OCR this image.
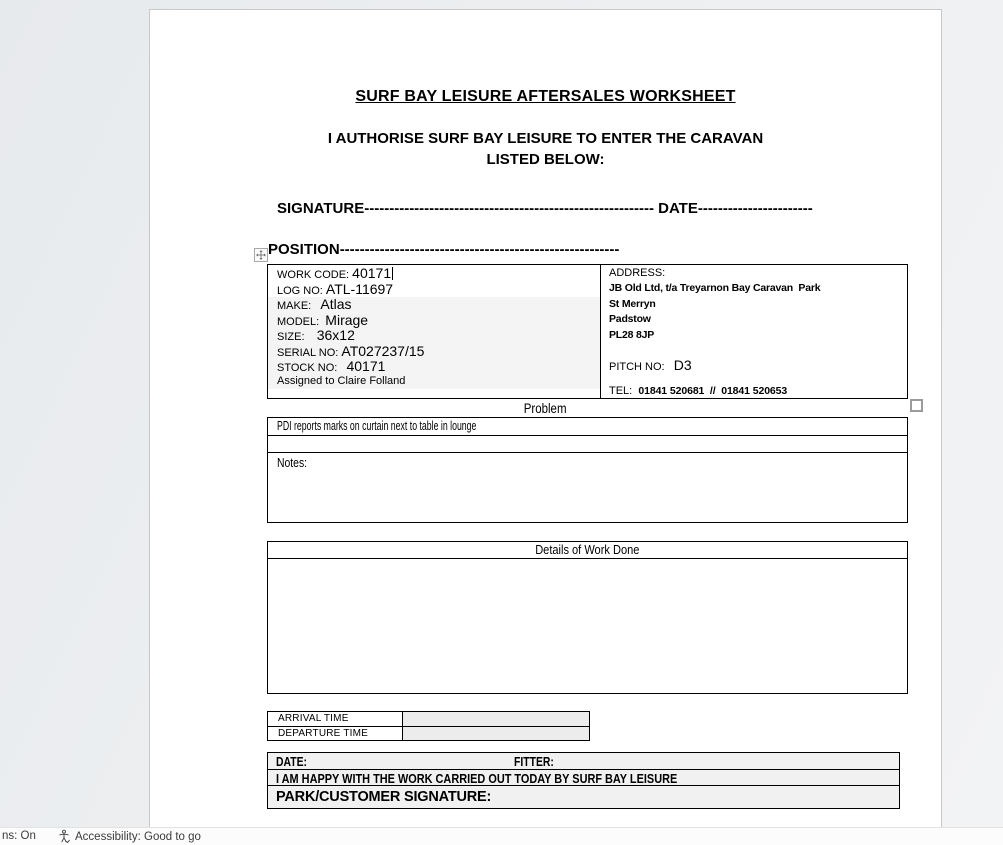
SURF BAY LEISURE AFTERSALES WORKSHEET
I AUTHORISE SURF BAY LEISURE TO ENTER THE CARAVAN
LISTED BELOW:
SIGNATURE---------------------------------------------------------- DATE-----------------------
POSITION--------------------------------------------------------
WORK CODE: 40171
LOG NO: ATL-11697
MAKE: Atlas
MODEL: Mirage
SIZE: 36x12
SERIAL NO: AT027237/15
STOCK NO: 40171
Assigned to Claire Folland
ADDRESS:
JB Old Ltd, t/a Treyarnon Bay Caravan  Park
St Merryn
Padstow
PL28 8JP
PITCH NO: D3
TEL:  01841 520681  //  01841 520653
Problem
PDI reports marks on curtain next to table in lounge
Notes:
Details of Work Done
ARRIVAL TIME
DEPARTURE TIME
DATE:	FITTER:
I AM HAPPY WITH THE WORK CARRIED OUT TODAY BY SURF BAY LEISURE
PARK/CUSTOMER SIGNATURE:
ns: On	Accessibility: Good to go
